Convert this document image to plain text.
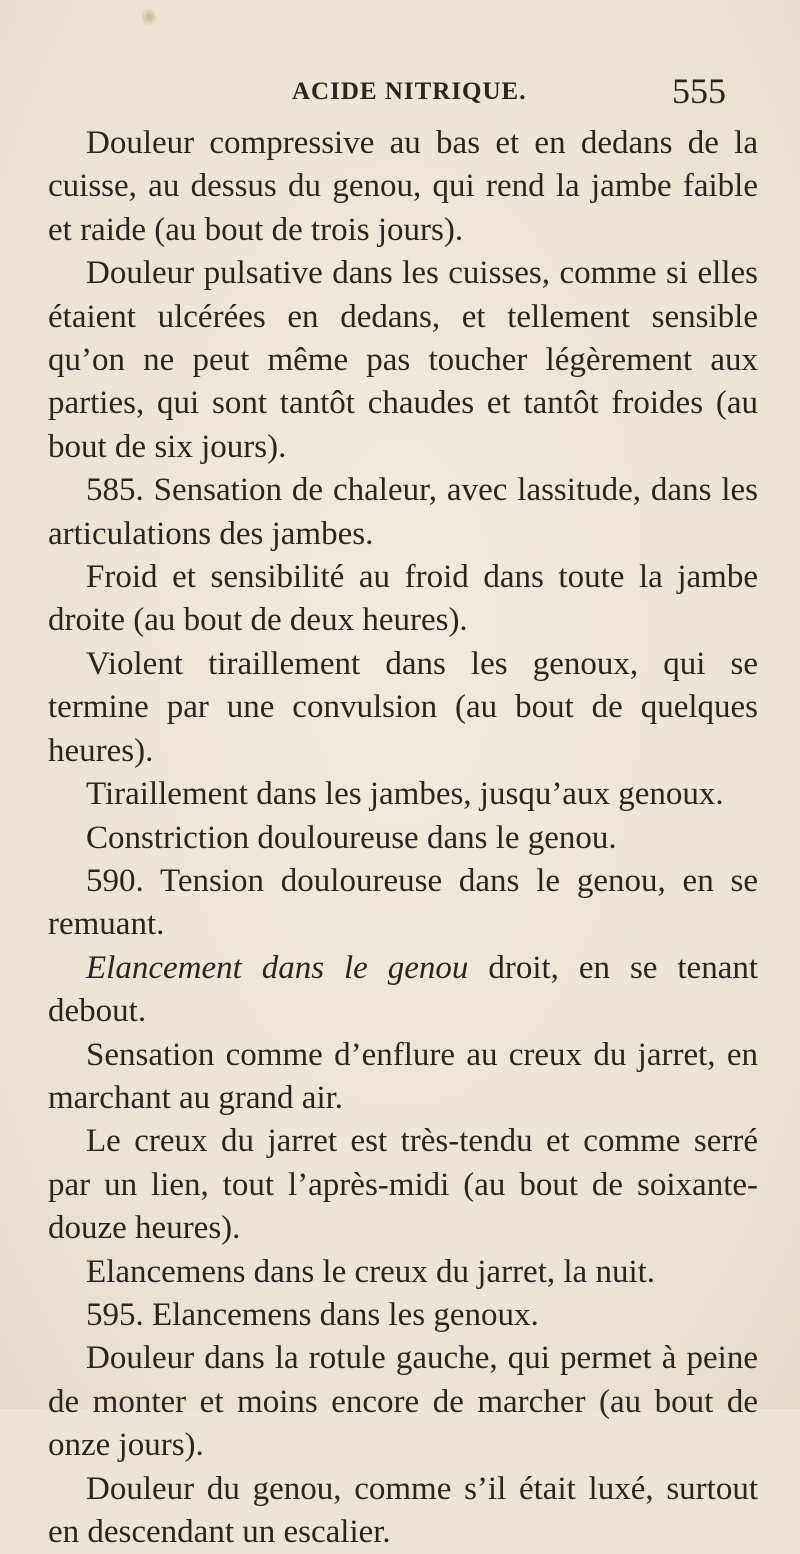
ACIDE NITRIQUE.	555

Douleur compressive au bas et en dedans de la cuisse, au dessus du genou, qui rend la jambe faible et raide (au bout de trois jours).

Douleur pulsative dans les cuisses, comme si elles étaient ulcérées en dedans, et tellement sensible qu’on ne peut même pas toucher légèrement aux parties, qui sont tantôt chaudes et tantôt froides (au bout de six jours).

585. Sensation de chaleur, avec lassitude, dans les articulations des jambes.

Froid et sensibilité au froid dans toute la jambe droite (au bout de deux heures).

Violent tiraillement dans les genoux, qui se termine par une convulsion (au bout de quelques heures).

Tiraillement dans les jambes, jusqu’aux genoux.

Constriction douloureuse dans le genou.

590. Tension douloureuse dans le genou, en se remuant.

Elancement dans le genou droit, en se tenant debout.

Sensation comme d’enflure au creux du jarret, en marchant au grand air.

Le creux du jarret est très-tendu et comme serré par un lien, tout l’après-midi (au bout de soixante-douze heures).

Elancemens dans le creux du jarret, la nuit.

595. Elancemens dans les genoux.

Douleur dans la rotule gauche, qui permet à peine de monter et moins encore de marcher (au bout de onze jours).

Douleur du genou, comme s’il était luxé, surtout en descendant un escalier.
